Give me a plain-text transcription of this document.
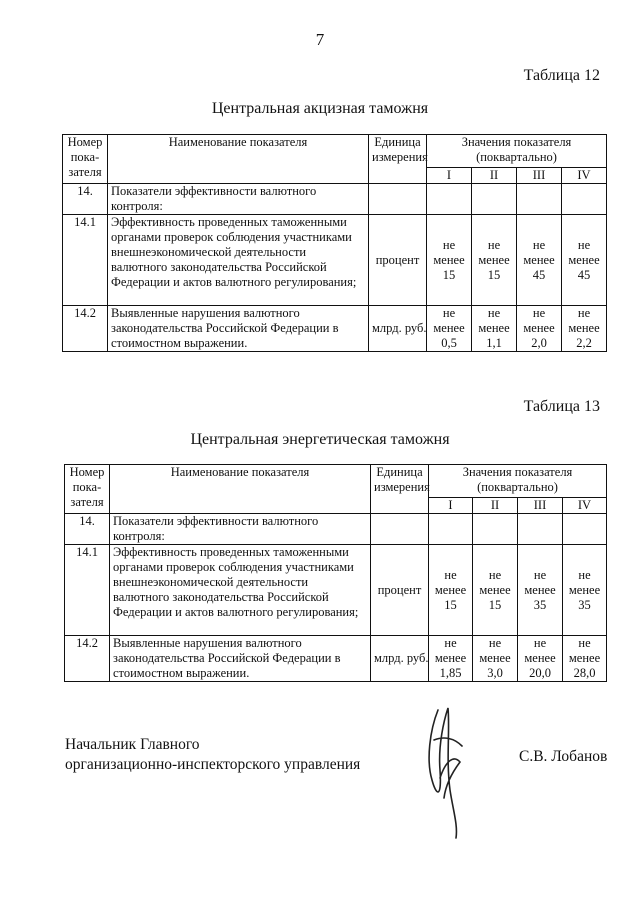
7
Таблица 12
Центральная акцизная таможня
Номер
пока-
зателя	Наименование показателя	Единица
измерения	Значения показателя
(поквартально)			
			I	II	III	IV
14.	Показатели эффективности валютного
контроля:					
14.1	Эффективность проведенных таможенными органами проверок соблюдения участниками внешнеэкономической деятельности валютного законодательства Российской Федерации и актов валютного регулирования;	процент	не
менее
15	не
менее
15	не
менее
45	не
менее
45
14.2	Выявленные нарушения валютного законодательства Российской Федерации в стоимостном выражении.	млрд. руб.	не
менее
0,5	не
менее
1,1	не
менее
2,0	не
менее
2,2
Таблица 13
Центральная энергетическая таможня
Номер
пока-
зателя	Наименование показателя	Единица
измерения	Значения показателя
(поквартально)			
			I	II	III	IV
14.	Показатели эффективности валютного
контроля:					
14.1	Эффективность проведенных таможенными органами проверок соблюдения участниками внешнеэкономической деятельности валютного законодательства Российской Федерации и актов валютного регулирования;	процент	не
менее
15	не
менее
15	не
менее
35	не
менее
35
14.2	Выявленные нарушения валютного законодательства Российской Федерации в стоимостном выражении.	млрд. руб.	не
менее
1,85	не
менее
3,0	не
менее
20,0	не
менее
28,0
Начальник Главного
организационно-инспекторского управления	С.В. Лобанов
